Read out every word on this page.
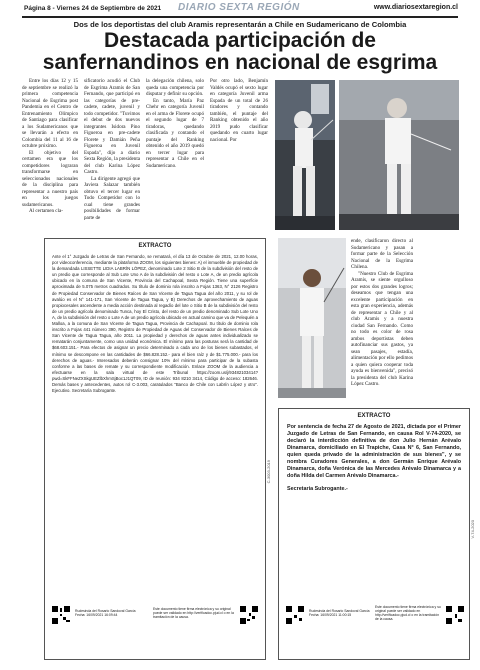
Página 8 - Viernes 24 de Septiembre de 2021 DIARIO SEXTA REGIÓN	www.diariosextaregion.cl
Dos de los deportistas del club Aramis representarán a Chile en Sudamericano de Colombia
Destacada participación de
sanfernandinos en nacional de esgrima

Entre los días 12 y 15 de septiembre se realizó la primera competencia Nacional de Esgrima post Pandemia en el Centro de Entrenamiento Olímpico de Santiago para clasificar a los Sudamericanos que se llevarán a efecto en Colombia del 11 al 16 de octubre próximo.

El objetivo del certamen era que los competidores lograran transformarse en seleccionados nacionales de la disciplina para representar a nuestro país en los juegos sudamericanos.

Al certamen cla-

sificatorio acudió el Club de Esgrima Aramis de San Fernando, que participó en las categorías de pre-cadete, cadete, juvenil y todo competidor. "Tuvimos el debut de dos nuevos integrantes Isidora Pino Figueroa en pre-cadete Florete y Damián Peña Figueroa en Juvenil Espada", dijo a diario Sexta Región, la presidenta del club Karina López Castro.

La dirigente agregó que Javiera Salazar también obtuvo el tercer lugar en Todo Competidor con lo cual tiene grandes posibilidades de formar parte de

la delegación chilena, solo queda una competencia por disputar y definir su opción.

En tanto, María Paz Chehr en categoría Juvenil en el arma de Florete ocupó el segundo lugar de 7 tiradoras, quedando clasificada y contando el puntaje del Ranking obtenido el año 2019 quedó en tercer lugar para representar a Chile en el Sudamericano.

Por otro lado, Benjamín Valdés ocupó el sexto lugar en categoría Juvenil arma Espada de un total de 26 tiradores y contando también, el puntaje del Ranking obtenido el año 2019 pudo clasificar quedando en cuarto lugar nacional. Por

EXTRACTO
Ante el 1° Juzgado de Letras de San Fernando, se rematará, el día 13 de Octubre de 2021, 12.00 horas, por videoconferencia, mediante la plataforma ZOOM, los siguientes bienes: A) el inmueble de propiedad de la demandada LISSETTE LIDIA LABRÍN LÓPEZ, denominado Lote 2 Sitio B de la subdivisión del resto de un predio que corresponde al Sub Lote Uno A de la subdivisión del resto o Lote A, de un predio agrícola ubicado en la comuna de San Vicente, Provincia del Cachapoal, Sexta Región. Tiene una superficie aproximada de 5.075 metros cuadrados. Su título de dominio rola inscrito a Fojas 1363, N° 2126 Registro de Propiedad Conservador de Bienes Raíces de San Vicente de Tagua Tagua del año 2011, y su rol de avalúo es el N° 141-171, San Vicente de Tagua Tagua, y B) Derechos de aprovechamiento de aguas propiocesales ascendente a media acción destinada al regadío del lote o Sitio B de la subdivisión del resto de un predio agrícola denominado Tunca, hoy El Cristo, del resto de un predio denominado Sub Lote Uno A, de la subdivisión del resto o Lote A de un predio agrícola ubicado en actual camino que va de Pelequén a Malloa, a la comuna de San Vicente de Tagua Tagua, Provincia de Cachapoal. Su título de dominio rola inscrito a Fojas 441 número 390, Registro de Propiedad de Aguas del Conservador de Bienes Raíces de San Vicente de Tagua Tagua, año 2011. La propiedad y derechos de aguas antes individualizado se rematarán conjuntamente, como una unidad económica. El mínimo para las posturas será la cantidad de $68.603.151.- Para efectos de asignar un precio determinado a cada uno de los bienes subastados, el mínimo se descompone en las cantidades de $66.828.152.- para el bien raíz y de $1.775.000.- para los derechos de aguas.- Interesados deberán consignar 10% del mínimo para participar de la subasta conforme a las bases de remate y su correspondiente modificación. Enlace ZOOM de la audiencia a efectuarse en la sala virtual de este Tribunal https://zoom.us/j/93482103414?pwd=SkFFNeZXSkgUEZlbXhmSjBoc1J1QT09, ID de reunión: 934 8210 3414, Código de acceso: 182646. Demás bases y antecedentes, autos rol C-3.003, caratulados "Banco de Chile con Labrín López y otro". Ejecutivo. Secretaría Subrogante.
Rudesinda del Rosario Sandoval García
Fecha: 16/09/2021 16:09:44
Este documento tiene firma electrónica y su original puede ser validado en http://verificadoc.pjud.cl o en la tramitación de la causa.
C-3003-2019

ende, clasificaron directo al Sudamericano y pasan a formar parte de la Selección Nacional de la Esgrima Chilena.

"Nuestro Club de Esgrima Aramis, se siente orgulloso por estos dos grandes logros; deseamos que tengan una excelente participación en esta gran experiencia, además de representar a Chile y al club Aramis y a nuestra ciudad San Fernando. Como no todo es color de rosa ambos deportistas deben autofinanciar sus gastos, ya sean pasajes, estadía, alimentación por ello pedimos a quien quiera cooperar toda ayuda es bienvenida", precisó la presidenta del club Karina López Castro.

EXTRACTO
Por sentencia de fecha 27 de Agosto de 2021, dictada por el Primer Juzgado de Letras de San Fernando, en causa Rol V-74-2020, se declaró la interdicción definitiva de don Julio Hernán Arévalo Dinamarca, domiciliado en El Trapiche, Casa N° 6, San Fernando, quien queda privado de la administración de sus bienes", y se nombra Curadores Generales, a don Germán Enrique Arévalo Dinamarca, doña Verónica de las Mercedes Arévalo Dinamarca y a doña Hilda del Carmen Arévalo Dinamarca.-
Secretaria Subrogante.-
Rudesinda del Rosario Sandoval García
Fecha: 16/09/2021 11:00:15
Este documento tiene firma electrónica y su original puede ser validado en http://verificadoc.pjud.cl o en la tramitación de la causa.
V-74-2020
